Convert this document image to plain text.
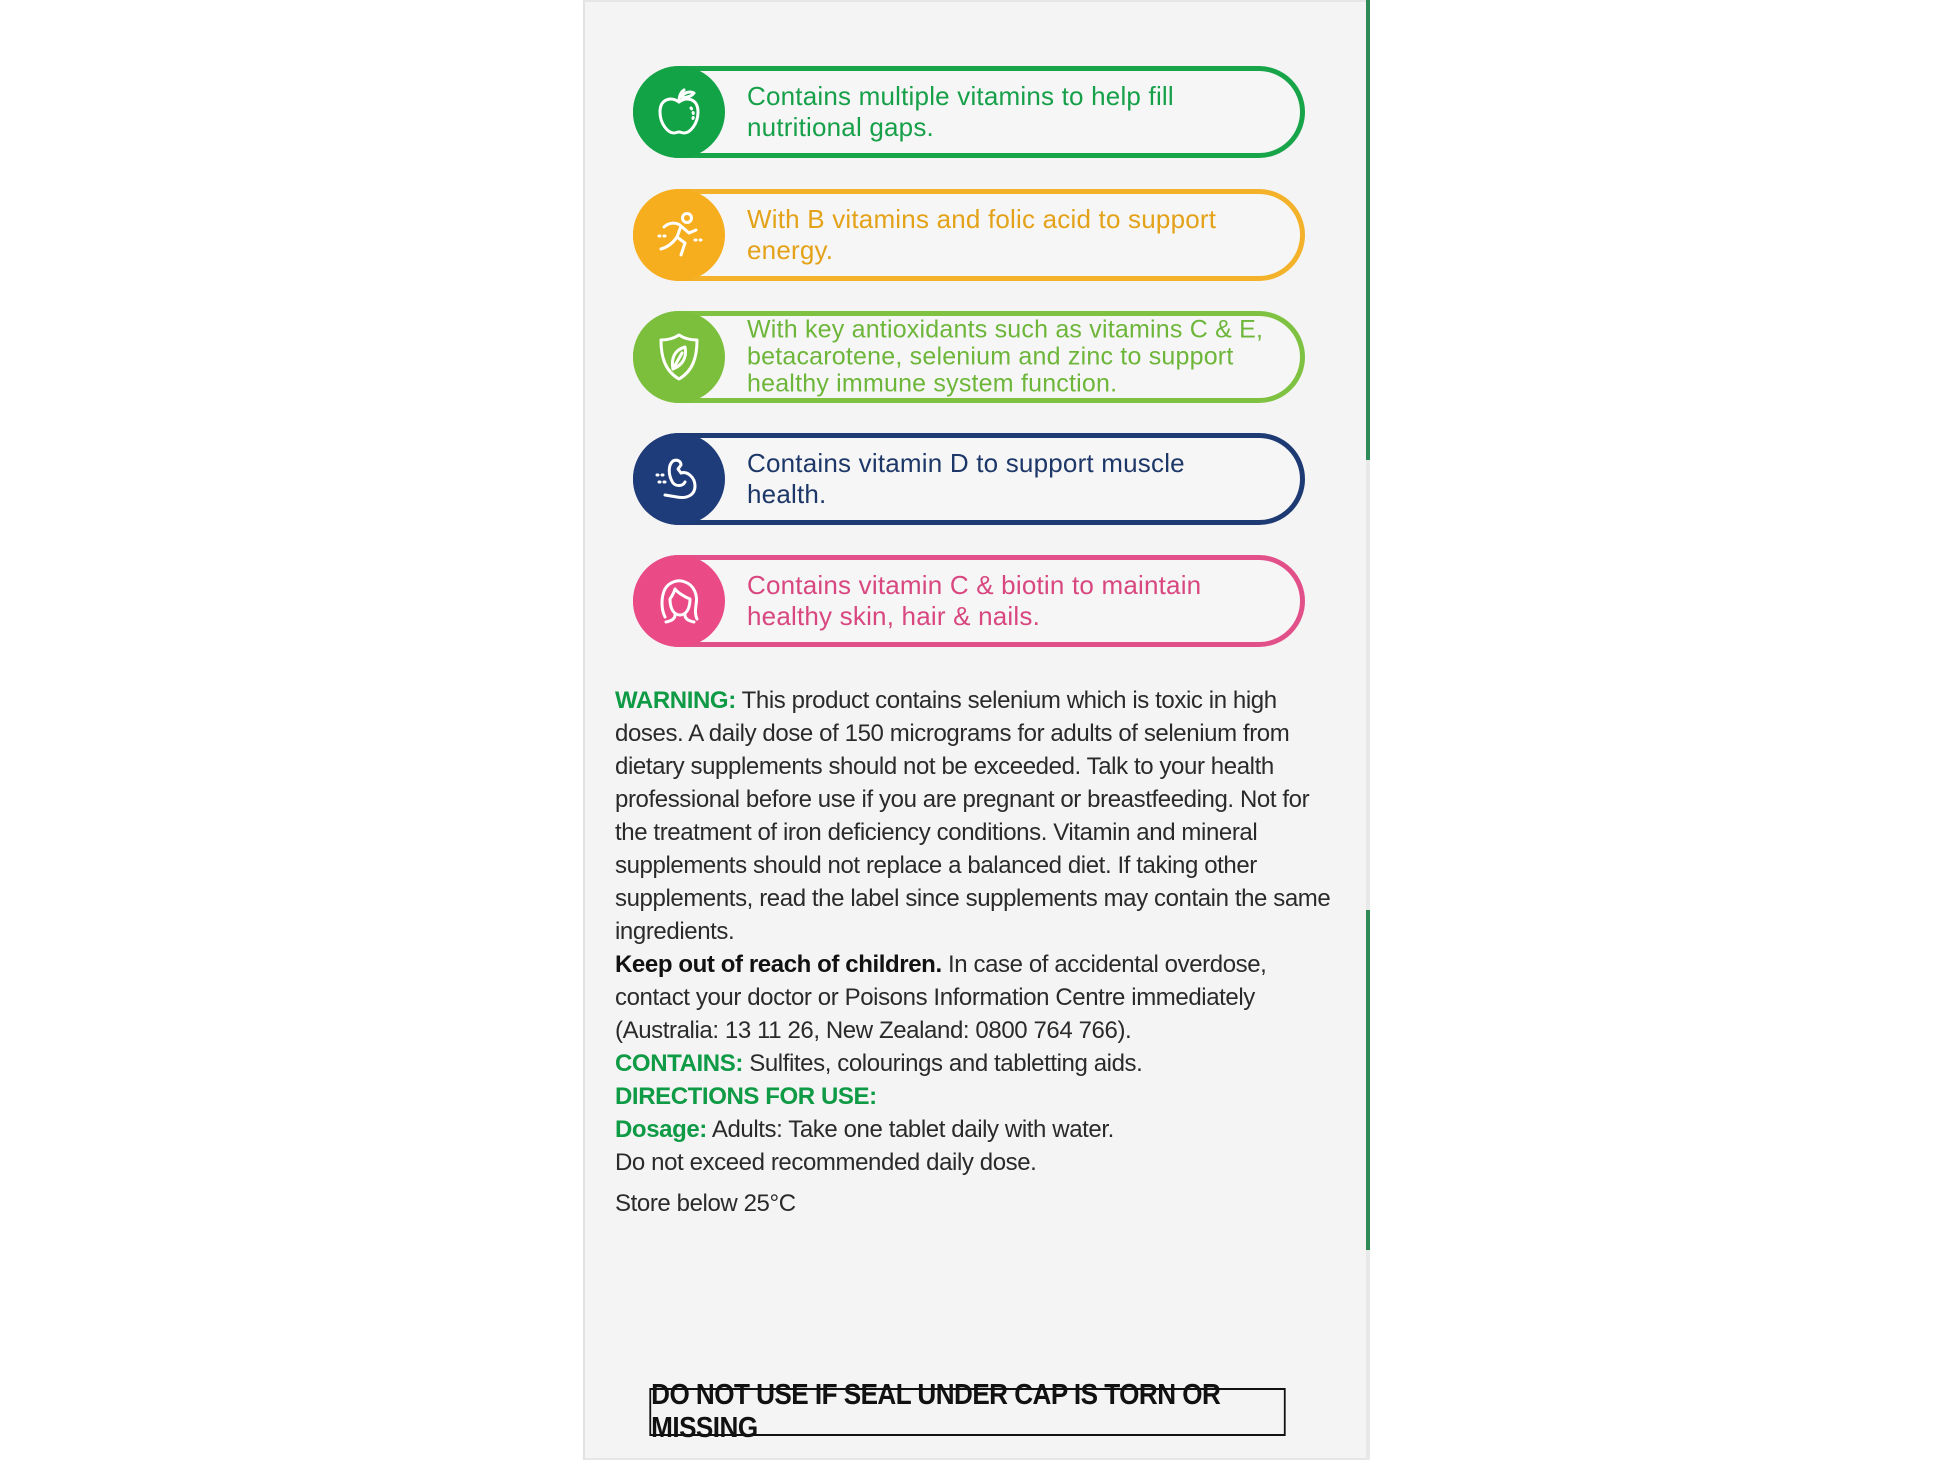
Contains multiple vitamins to help fill nutritional gaps.
With B vitamins and folic acid to support energy.
With key antioxidants such as vitamins C & E, betacarotene, selenium and zinc to support healthy immune system function.
Contains vitamin D to support muscle health.
Contains vitamin C & biotin to maintain healthy skin, hair & nails.

WARNING: This product contains selenium which is toxic in high doses. A daily dose of 150 micrograms for adults of selenium from dietary supplements should not be exceeded. Talk to your health professional before use if you are pregnant or breastfeeding. Not for the treatment of iron deficiency conditions. Vitamin and mineral supplements should not replace a balanced diet. If taking other supplements, read the label since supplements may contain the same ingredients.

Keep out of reach of children. In case of accidental overdose, contact your doctor or Poisons Information Centre immediately (Australia: 13 11 26, New Zealand: 0800 764 766).

CONTAINS: Sulfites, colourings and tabletting aids.

DIRECTIONS FOR USE:

Dosage: Adults: Take one tablet daily with water.

Do not exceed recommended daily dose.

Store below 25°C

DO NOT USE IF SEAL UNDER CAP IS TORN OR MISSING
